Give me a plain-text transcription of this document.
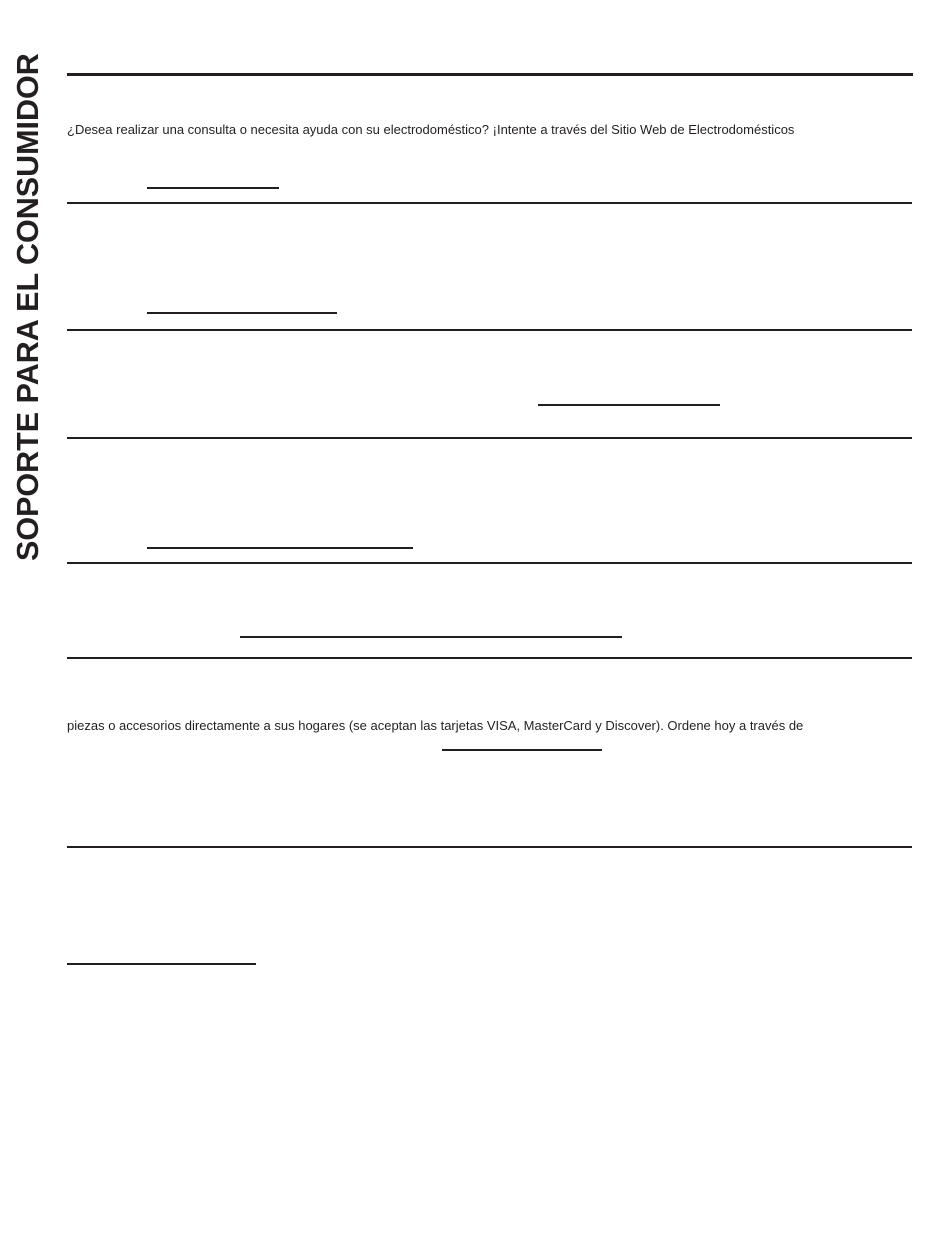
SOPORTE PARA EL CONSUMIDOR ¿Desea realizar una consulta o necesita ayuda con su electrodoméstico? ¡Intente a través del Sitio Web de Electrodomésticos
piezas o accesorios directamente a sus hogares (se aceptan las tarjetas VISA, MasterCard y Discover). Ordene hoy a través de
